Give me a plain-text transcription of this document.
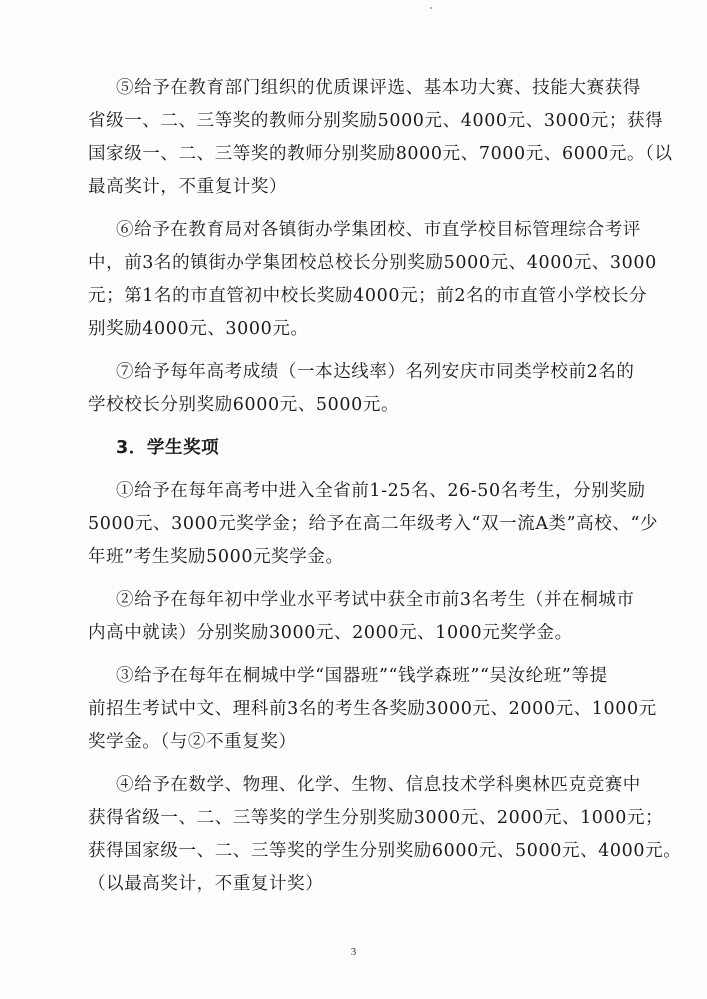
⑤给予在教育部门组织的优质课评选、基本功大赛、技能大赛获得
省级一、二、三等奖的教师分别奖励5000元、4000元、3000元；获得
国家级一、二、三等奖的教师分别奖励8000元、7000元、6000元。（以
最高奖计，不重复计奖）
⑥给予在教育局对各镇街办学集团校、市直学校目标管理综合考评
中，前3名的镇街办学集团校总校长分别奖励5000元、4000元、3000
元；第1名的市直管初中校长奖励4000元；前2名的市直管小学校长分
别奖励4000元、3000元。
⑦给予每年高考成绩（一本达线率）名列安庆市同类学校前2名的
学校校长分别奖励6000元、5000元。
3．学生奖项
①给予在每年高考中进入全省前1-25名、26-50名考生，分别奖励
5000元、3000元奖学金；给予在高二年级考入“双一流A类”高校、“少
年班”考生奖励5000元奖学金。
②给予在每年初中学业水平考试中获全市前3名考生（并在桐城市
内高中就读）分别奖励3000元、2000元、1000元奖学金。
③给予在每年在桐城中学“国器班”“钱学森班”“吴汝纶班”等提
前招生考试中文、理科前3名的考生各奖励3000元、2000元、1000元
奖学金。（与②不重复奖）
④给予在数学、物理、化学、生物、信息技术学科奥林匹克竞赛中
获得省级一、二、三等奖的学生分别奖励3000元、2000元、1000元；
获得国家级一、二、三等奖的学生分别奖励6000元、5000元、4000元。
（以最高奖计，不重复计奖）
3
